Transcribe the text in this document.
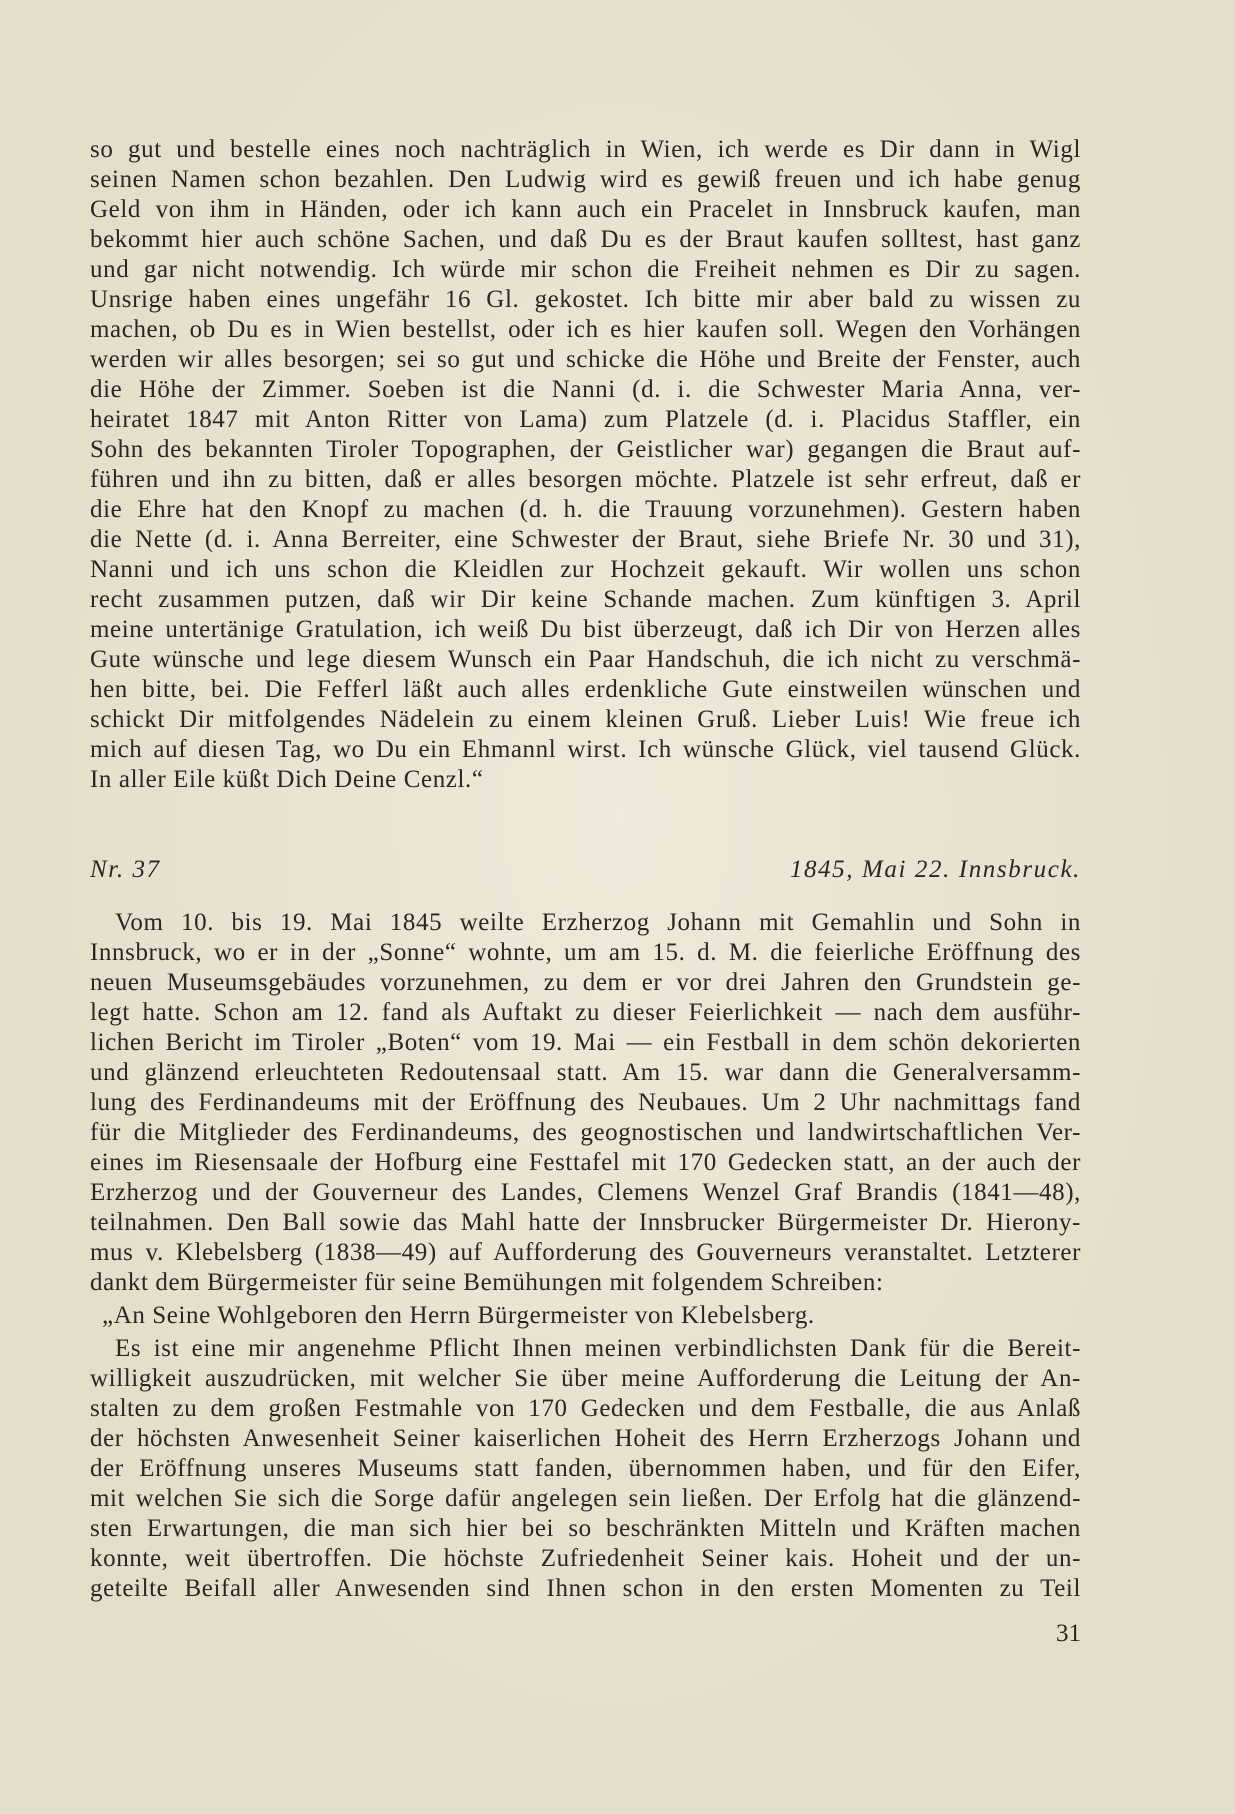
so gut und bestelle eines noch nachträglich in Wien, ich werde es Dir dann in Wigl
seinen Namen schon bezahlen. Den Ludwig wird es gewiß freuen und ich habe genug
Geld von ihm in Händen, oder ich kann auch ein Pracelet in Innsbruck kaufen, man
bekommt hier auch schöne Sachen, und daß Du es der Braut kaufen solltest, hast ganz
und gar nicht notwendig. Ich würde mir schon die Freiheit nehmen es Dir zu sagen.
Unsrige haben eines ungefähr 16 Gl. gekostet. Ich bitte mir aber bald zu wissen zu
machen, ob Du es in Wien bestellst, oder ich es hier kaufen soll. Wegen den Vorhängen
werden wir alles besorgen; sei so gut und schicke die Höhe und Breite der Fenster, auch
die Höhe der Zimmer. Soeben ist die Nanni (d. i. die Schwester Maria Anna, ver-
heiratet 1847 mit Anton Ritter von Lama) zum Platzele (d. i. Placidus Staffler, ein
Sohn des bekannten Tiroler Topographen, der Geistlicher war) gegangen die Braut auf-
führen und ihn zu bitten, daß er alles besorgen möchte. Platzele ist sehr erfreut, daß er
die Ehre hat den Knopf zu machen (d. h. die Trauung vorzunehmen). Gestern haben
die Nette (d. i. Anna Berreiter, eine Schwester der Braut, siehe Briefe Nr. 30 und 31),
Nanni und ich uns schon die Kleidlen zur Hochzeit gekauft. Wir wollen uns schon
recht zusammen putzen, daß wir Dir keine Schande machen. Zum künftigen 3. April
meine untertänige Gratulation, ich weiß Du bist überzeugt, daß ich Dir von Herzen alles
Gute wünsche und lege diesem Wunsch ein Paar Handschuh, die ich nicht zu verschmä-
hen bitte, bei. Die Fefferl läßt auch alles erdenkliche Gute einstweilen wünschen und
schickt Dir mitfolgendes Nädelein zu einem kleinen Gruß. Lieber Luis! Wie freue ich
mich auf diesen Tag, wo Du ein Ehmannl wirst. Ich wünsche Glück, viel tausend Glück.
In aller Eile küßt Dich Deine Cenzl.“
Nr. 37	1845, Mai 22. Innsbruck.
Vom 10. bis 19. Mai 1845 weilte Erzherzog Johann mit Gemahlin und Sohn in
Innsbruck, wo er in der „Sonne“ wohnte, um am 15. d. M. die feierliche Eröffnung des
neuen Museumsgebäudes vorzunehmen, zu dem er vor drei Jahren den Grundstein ge-
legt hatte. Schon am 12. fand als Auftakt zu dieser Feierlichkeit — nach dem ausführ-
lichen Bericht im Tiroler „Boten“ vom 19. Mai — ein Festball in dem schön dekorierten
und glänzend erleuchteten Redoutensaal statt. Am 15. war dann die Generalversamm-
lung des Ferdinandeums mit der Eröffnung des Neubaues. Um 2 Uhr nachmittags fand
für die Mitglieder des Ferdinandeums, des geognostischen und landwirtschaftlichen Ver-
eines im Riesensaale der Hofburg eine Festtafel mit 170 Gedecken statt, an der auch der
Erzherzog und der Gouverneur des Landes, Clemens Wenzel Graf Brandis (1841—48),
teilnahmen. Den Ball sowie das Mahl hatte der Innsbrucker Bürgermeister Dr. Hierony-
mus v. Klebelsberg (1838—49) auf Aufforderung des Gouverneurs veranstaltet. Letzterer
dankt dem Bürgermeister für seine Bemühungen mit folgendem Schreiben:
„An Seine Wohlgeboren den Herrn Bürgermeister von Klebelsberg.
Es ist eine mir angenehme Pflicht Ihnen meinen verbindlichsten Dank für die Bereit-
willigkeit auszudrücken, mit welcher Sie über meine Aufforderung die Leitung der An-
stalten zu dem großen Festmahle von 170 Gedecken und dem Festballe, die aus Anlaß
der höchsten Anwesenheit Seiner kaiserlichen Hoheit des Herrn Erzherzogs Johann und
der Eröffnung unseres Museums statt fanden, übernommen haben, und für den Eifer,
mit welchen Sie sich die Sorge dafür angelegen sein ließen. Der Erfolg hat die glänzend-
sten Erwartungen, die man sich hier bei so beschränkten Mitteln und Kräften machen
konnte, weit übertroffen. Die höchste Zufriedenheit Seiner kais. Hoheit und der un-
geteilte Beifall aller Anwesenden sind Ihnen schon in den ersten Momenten zu Teil
31
